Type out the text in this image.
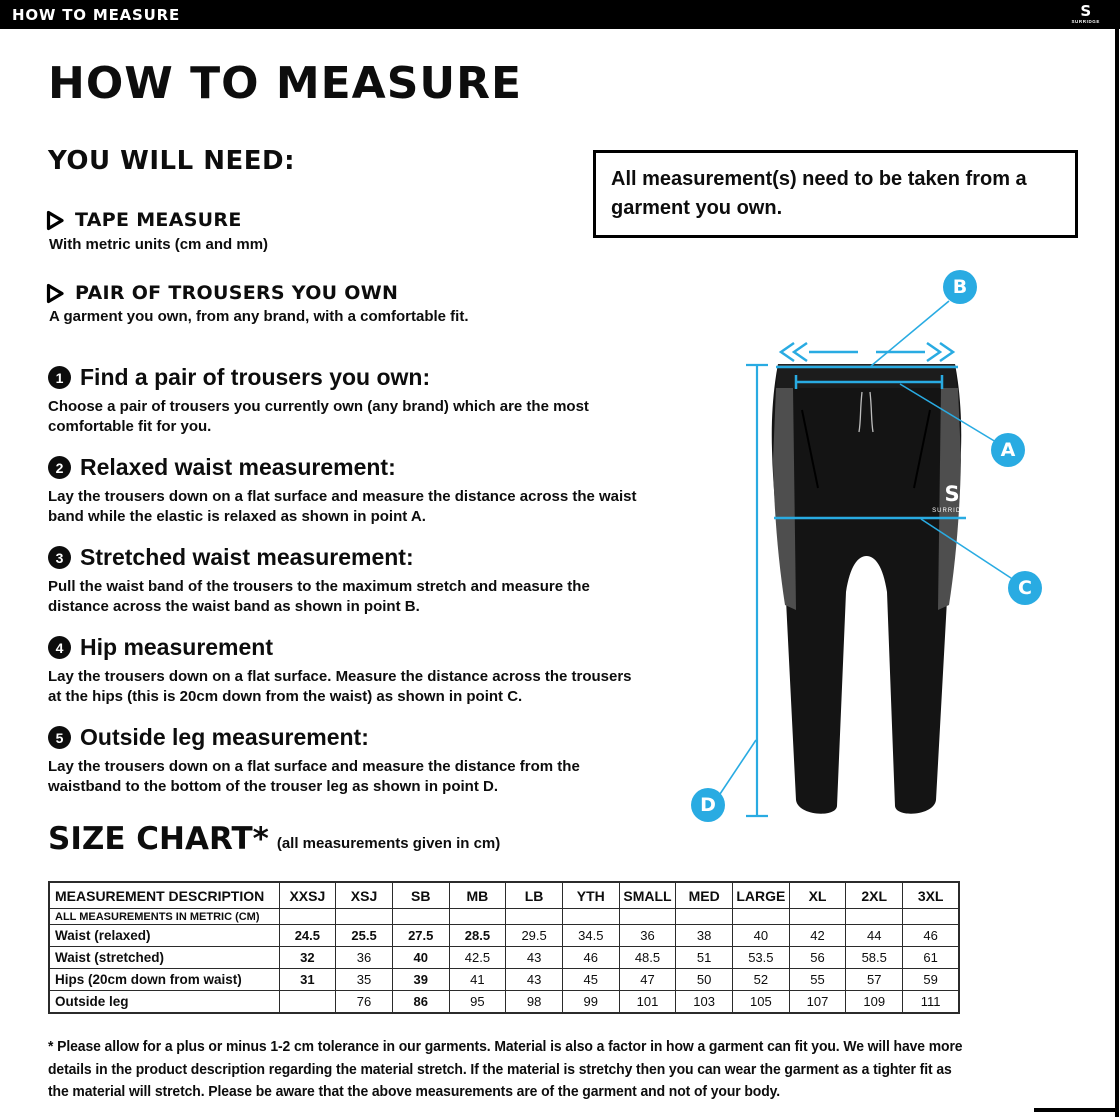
HOW TO MEASURE	S
SURRIDGE
HOW TO MEASURE
YOU WILL NEED:
All measurement(s) need to be taken from a garment you own.
TAPE MEASURE
With metric units (cm and mm)
PAIR OF TROUSERS YOU OWN
A garment you own, from any brand, with a comfortable fit.
1 Find a pair of trousers you own:

Choose a pair of trousers you currently own (any brand) which are the most comfortable fit for you.

2 Relaxed waist measurement:

Lay the trousers down on a flat surface and measure the distance across the waist band while the elastic is relaxed as shown in point A.

3 Stretched waist measurement:

Pull the waist band of the trousers to the maximum stretch and measure the distance across the waist band as shown in point B.

4 Hip measurement

Lay the trousers down on a flat surface. Measure the distance across the trousers at the hips (this is 20cm down from the waist) as shown in point C.

5 Outside leg measurement:

Lay the trousers down on a flat surface and measure the distance from the waistband to the bottom of the trouser leg as shown in point D.

S
SURRIDGE
A
B
C
D
SIZE CHART* (all measurements given in cm)
MEASUREMENT DESCRIPTION	XXSJ	XSJ	SB	MB	LB	YTH	SMALL	MED	LARGE	XL	2XL	3XL
ALL MEASUREMENTS IN METRIC (CM)												
Waist (relaxed)	24.5	25.5	27.5	28.5	29.5	34.5	36	38	40	42	44	46
Waist (stretched)	32	36	40	42.5	43	46	48.5	51	53.5	56	58.5	61
Hips (20cm down from waist)	31	35	39	41	43	45	47	50	52	55	57	59
Outside leg		76	86	95	98	99	101	103	105	107	109	111

* Please allow for a plus or minus 1-2 cm tolerance in our garments. Material is also a factor in how a garment can fit you. We will have more details in the product description regarding the material stretch. If the material is stretchy then you can wear the garment as a tighter fit as the material will stretch. Please be aware that the above measurements are of the garment and not of your body.
